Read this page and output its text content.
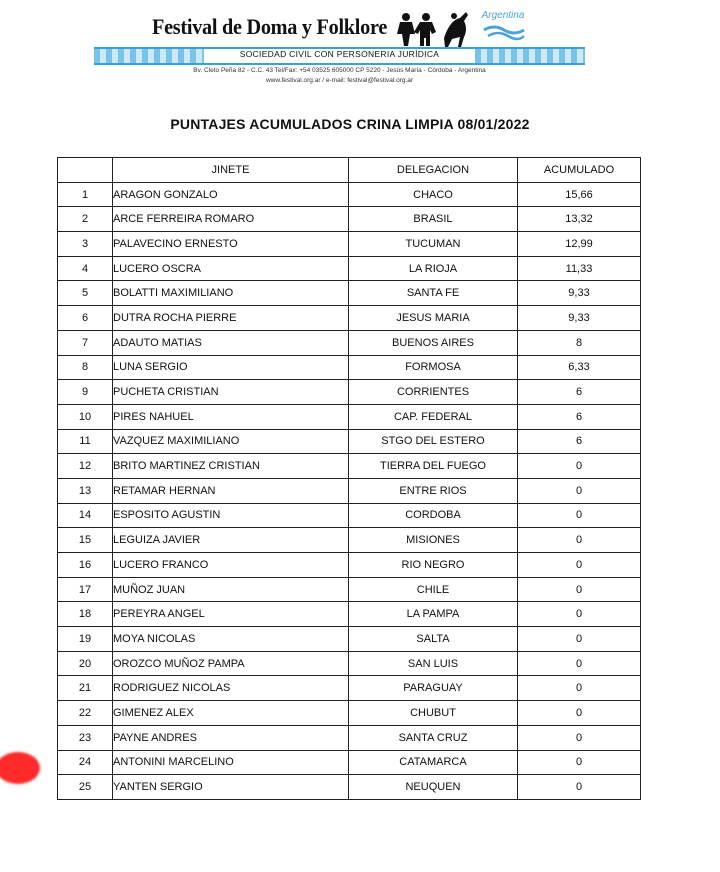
Festival de Doma y Folklore	Argentina
SOCIEDAD CIVIL CON PERSONERIA JURÍDICA
Bv. Cleto Peña 82 - C.C. 43 Tel/Fax: +54 03525 605000 CP 5220 - Jesús María - Córdoba - Argentina
www.festival.org.ar / e-mail: festival@festival.org.ar
PUNTAJES ACUMULADOS CRINA LIMPIA 08/01/2022
	JINETE	DELEGACION	ACUMULADO
1	ARAGON GONZALO	CHACO	15,66
2	ARCE FERREIRA ROMARO	BRASIL	13,32
3	PALAVECINO ERNESTO	TUCUMAN	12,99
4	LUCERO OSCRA	LA RIOJA	11,33
5	BOLATTI MAXIMILIANO	SANTA FE	9,33
6	DUTRA ROCHA PIERRE	JESUS MARIA	9,33
7	ADAUTO MATIAS	BUENOS AIRES	8
8	LUNA SERGIO	FORMOSA	6,33
9	PUCHETA CRISTIAN	CORRIENTES	6
10	PIRES NAHUEL	CAP. FEDERAL	6
11	VAZQUEZ MAXIMILIANO	STGO DEL ESTERO	6
12	BRITO MARTINEZ CRISTIAN	TIERRA DEL FUEGO	0
13	RETAMAR HERNAN	ENTRE RIOS	0
14	ESPOSITO AGUSTIN	CORDOBA	0
15	LEGUIZA JAVIER	MISIONES	0
16	LUCERO FRANCO	RIO NEGRO	0
17	MUÑOZ JUAN	CHILE	0
18	PEREYRA ANGEL	LA PAMPA	0
19	MOYA NICOLAS	SALTA	0
20	OROZCO MUÑOZ PAMPA	SAN LUIS	0
21	RODRIGUEZ NICOLAS	PARAGUAY	0
22	GIMENEZ ALEX	CHUBUT	0
23	PAYNE ANDRES	SANTA CRUZ	0
24	ANTONINI MARCELINO	CATAMARCA	0
25	YANTEN SERGIO	NEUQUEN	0
